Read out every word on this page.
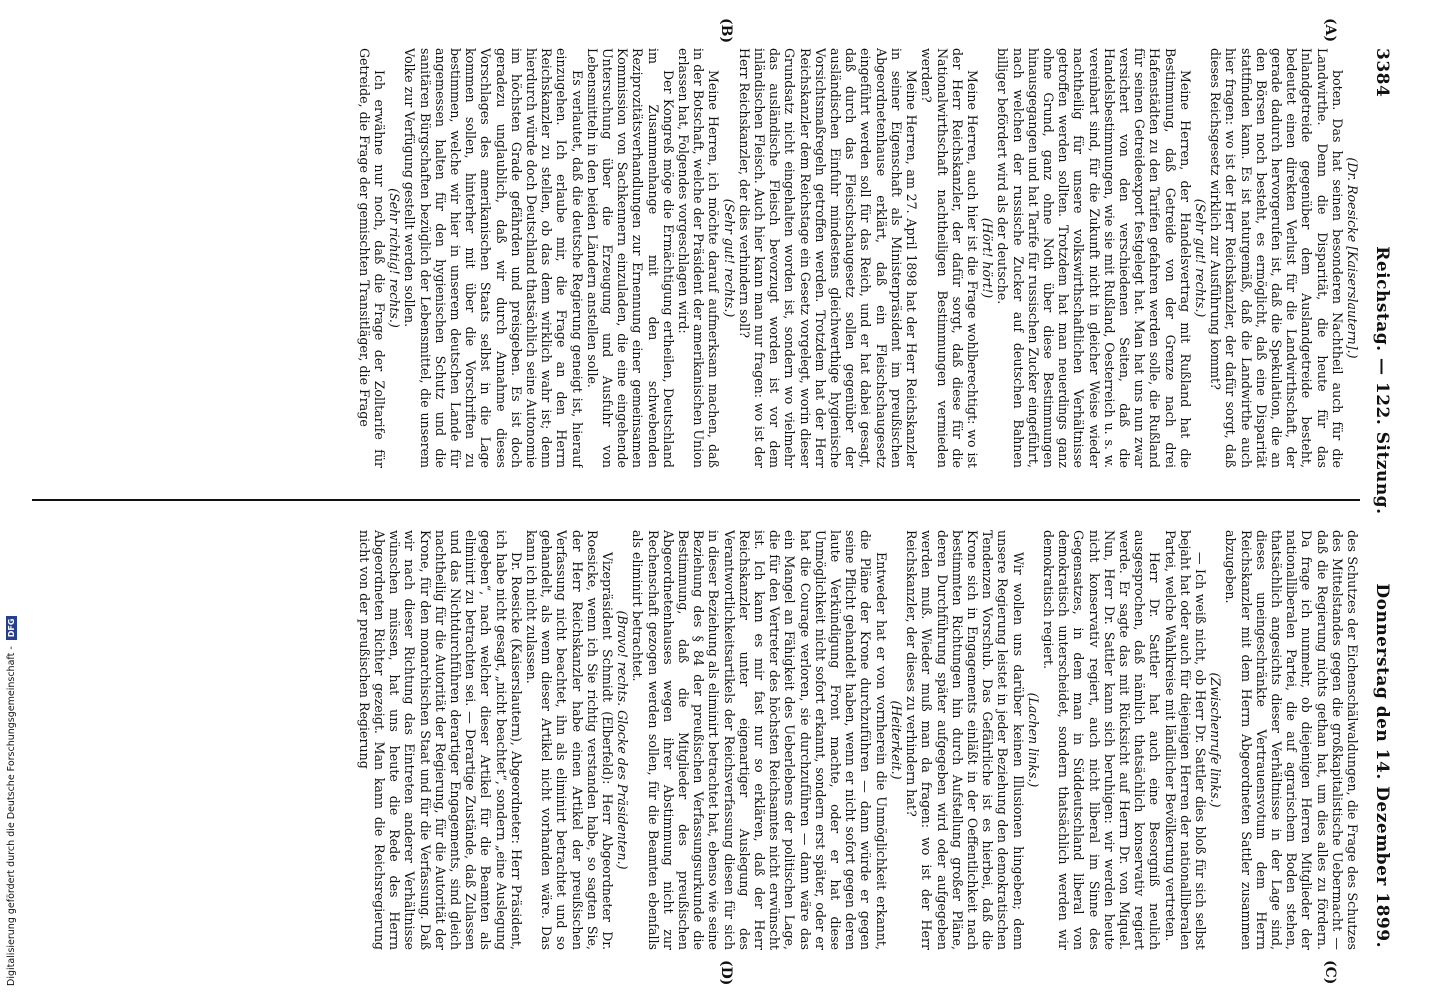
3384
Reichstag. — 122. Sitzung.
Donnerstag den 14. Dezember 1899.
(A)
(B)
(C)
(D)

(Dr. Roesicke [Kaiserslautern].)

boten. Das hat seinen besonderen Nachtheil auch für die Landwirthe. Denn die Disparität, die heute für das Inlandgetreide gegenüber dem Auslandgetreide besteht, bedeutet einen direkten Verlust für die Landwirthschaft, der gerade dadurch hervorgerufen ist, daß die Spekulation, die an den Börsen noch besteht, es ermöglicht, daß eine Disparität stattfinden kann. Es ist naturgemäß, daß die Landwirthe auch hier fragen: wo ist der Herr Reichskanzler, der dafür sorgt, daß dieses Reichsgesetz wirklich zur Ausführung kommt?

(Sehr gut! rechts.)

Meine Herren, der Handelsvertrag mit Rußland hat die Bestimmung, daß Getreide von der Grenze nach drei Hafenstädten zu den Tarifen gefahren werden solle, die Rußland für seinen Getreideexport festgelegt hat. Man hat uns nun zwar versichert von den verschiedenen Seiten, daß die Handelsbestimmungen, wie sie mit Rußland, Oesterreich u. s. w. vereinbart sind, für die Zukunft nicht in gleicher Weise wieder nachtheilig für unsere volkswirthschaftlichen Verhältnisse getroffen werden sollten. Trotzdem hat man neuerdings ganz ohne Grund, ganz ohne Noth über diese Bestimmungen hinausgegangen und hat Tarife für russischen Zucker eingeführt, nach welchen der russische Zucker auf deutschen Bahnen billiger befördert wird als der deutsche.

(Hört! hört!)

Meine Herren, auch hier ist die Frage wohlberechtigt: wo ist der Herr Reichskanzler, der dafür sorgt, daß diese für die Nationalwirthschaft nachtheiligen Bestimmungen vermieden werden?

Meine Herren, am 27. April 1898 hat der Herr Reichskanzler in seiner Eigenschaft als Ministerpräsident im preußischen Abgeordnetenhause erklärt, daß ein Fleischschaugesetz eingeführt werden soll für das Reich, und er hat dabei gesagt, daß durch das Fleischschaugesetz sollen gegenüber der ausländischen Einfuhr mindestens gleichwerthige hygienische Vorsichtsmaßregeln getroffen werden. Trotzdem hat der Herr Reichskanzler dem Reichstage ein Gesetz vorgelegt, worin dieser Grundsatz nicht eingehalten worden ist, sondern wo vielmehr das ausländische Fleisch bevorzugt worden ist vor dem inländischen Fleisch. Auch hier kann man nur fragen: wo ist der Herr Reichskanzler, der dies verhindern soll?

(Sehr gut! rechts.)

Meine Herren, ich möchte darauf aufmerksam machen, daß in der Botschaft, welche der Präsident der amerikanischen Union erlassen hat, Folgendes vorgeschlagen wird:

Der Kongreß möge die Ermächtigung ertheilen, Deutschland im Zusammenhange mit den schwebenden Reziprozitätsverhandlungen zur Ernennung einer gemeinsamen Kommission von Sachkennern einzuladen, die eine eingehende Untersuchung über die Erzeugung und Ausfuhr von Lebensmitteln in den beiden Ländern anstellen solle.

Es verlautet, daß die deutsche Regierung geneigt ist, hierauf einzugehen. Ich erlaube mir, die Frage an den Herrn Reichskanzler zu stellen, ob das denn wirklich wahr ist; denn hierdurch würde doch Deutschland thatsächlich seine Autonomie im höchsten Grade gefährden und preisgeben. Es ist doch geradezu unglaublich, daß wir durch Annahme dieses Vorschlages des amerikanischen Staats selbst in die Lage kommen sollen, hinterher mit über die Vorschriften zu bestimmen, welche wir hier in unserem deutschen Lande für angemessen halten für den hygienischen Schutz und die sanitären Bürgschaften bezüglich der Lebensmittel, die unserem Volke zur Verfügung gestellt werden sollen.

(Sehr richtig! rechts.)

Ich erwähne nur noch, daß die Frage der Zolltarife für Getreide, die Frage der gemischten Transitläger, die Frage

des Schutzes der Eichenschälwaldungen, die Frage des Schutzes des Mittelstandes gegen die großkapitalistische Uebermacht — daß die Regierung nichts gethan hat, um dies alles zu fördern. Da frage ich nunmehr, ob diejenigen Herren Mitglieder der nationalliberalen Partei, die auf agrarischem Boden stehen, thatsächlich angesichts dieser Verhältnisse in der Lage sind, dieses uneingeschränkte Vertrauensvotum dem Herrn Reichskanzler mit dem Herrn Abgeordneten Sattler zusammen abzugeben.

(Zwischenrufe links.)

— Ich weiß nicht, ob Herr Dr. Sattler dies bloß für sich selbst bejaht hat oder auch für diejenigen Herren der nationalliberalen Partei, welche Wahlkreise mit ländlicher Bevölkerung vertreten.

Herr Dr. Sattler hat auch eine Besorgniß neulich ausgesprochen, daß nämlich thatsächlich konservativ regiert werde. Er sagte das mit Rücksicht auf Herrn Dr. von Miquel. Nun, Herr Dr. Sattler kann sich beruhigen: wir werden heute nicht konservativ regiert, auch nicht liberal im Sinne des Gegensatzes, in dem man in Süddeutschland liberal von demokratisch unterscheidet, sondern thatsächlich werden wir demokratisch regiert.

(Lachen links.)

Wir wollen uns darüber keinen Illusionen hingeben; denn unsere Regierung leistet in jeder Beziehung den demokratischen Tendenzen Vorschub. Das Gefährliche ist es hierbei, daß die Krone sich in Engagements einläßt in der Oeffentlichkeit nach bestimmten Richtungen hin durch Aufstellung großer Pläne, deren Durchführung später aufgegeben wird oder aufgegeben werden muß. Wieder muß man da fragen: wo ist der Herr Reichskanzler, der dieses zu verhindern hat?

(Heiterkeit.)

Entweder hat er von vornherein die Unmöglichkeit erkannt, die Pläne der Krone durchzuführen — dann würde er gegen seine Pflicht gehandelt haben, wenn er nicht sofort gegen deren laute Verkündigung Front machte, oder er hat diese Unmöglichkeit nicht sofort erkannt, sondern erst später, oder er hat die Courage verloren, sie durchzuführen — dann wäre das ein Mangel an Fähigkeit des Ueberlebens der politischen Lage, die für den Vertreter des höchsten Reichsamtes nicht erwünscht ist. Ich kann es mir fast nur so erklären, daß der Herr Reichskanzler unter eigenartiger Auslegung des Verantwortlichkeitsartikels der Reichsverfassung diesen für sich in dieser Beziehung als eliminirt betrachtet hat, ebenso wie seine Beziehung des § 84 der preußischen Verfassungsurkunde die Bestimmung, daß die Mitglieder des preußischen Abgeordnetenhauses wegen ihrer Abstimmung nicht zur Rechenschaft gezogen werden sollen, für die Beamten ebenfalls als eliminirt betrachtet.

(Bravo! rechts. Glocke des Präsidenten.)

Vizepräsident Schmidt (Elberfeld): Herr Abgeordneter Dr. Roesicke, wenn ich Sie richtig verstanden habe, so sagten Sie, der Herr Reichskanzler habe einen Artikel der preußischen Verfassung nicht beachtet, ihn als eliminirt betrachtet und so gehandelt, als wenn dieser Artikel nicht vorhanden wäre. Das kann ich nicht zulassen.

Dr. Roesicke (Kaiserslautern), Abgeordneter: Herr Präsident, ich habe nicht gesagt, „nicht beachtet“, sondern „eine Auslegung gegeben“, nach welcher dieser Artikel für die Beamten als eliminirt zu betrachten sei. — Derartige Zustände, daß Zulassen und das Nichtdurchführen derartiger Engagements, sind gleich nachtheilig für die Autorität der Regierung, für die Autorität der Krone, für den monarchischen Staat und für die Verfassung. Daß wir nach dieser Richtung das Eintreten anderer Verhältnisse wünschen müssen, hat uns heute die Rede des Herrn Abgeordneten Richter gezeigt. Man kann die Reichsregierung nicht von der preußischen Regierung

Digitalisierung gefördert durch die Deutsche Forschungsgemeinschaft -
DFG
